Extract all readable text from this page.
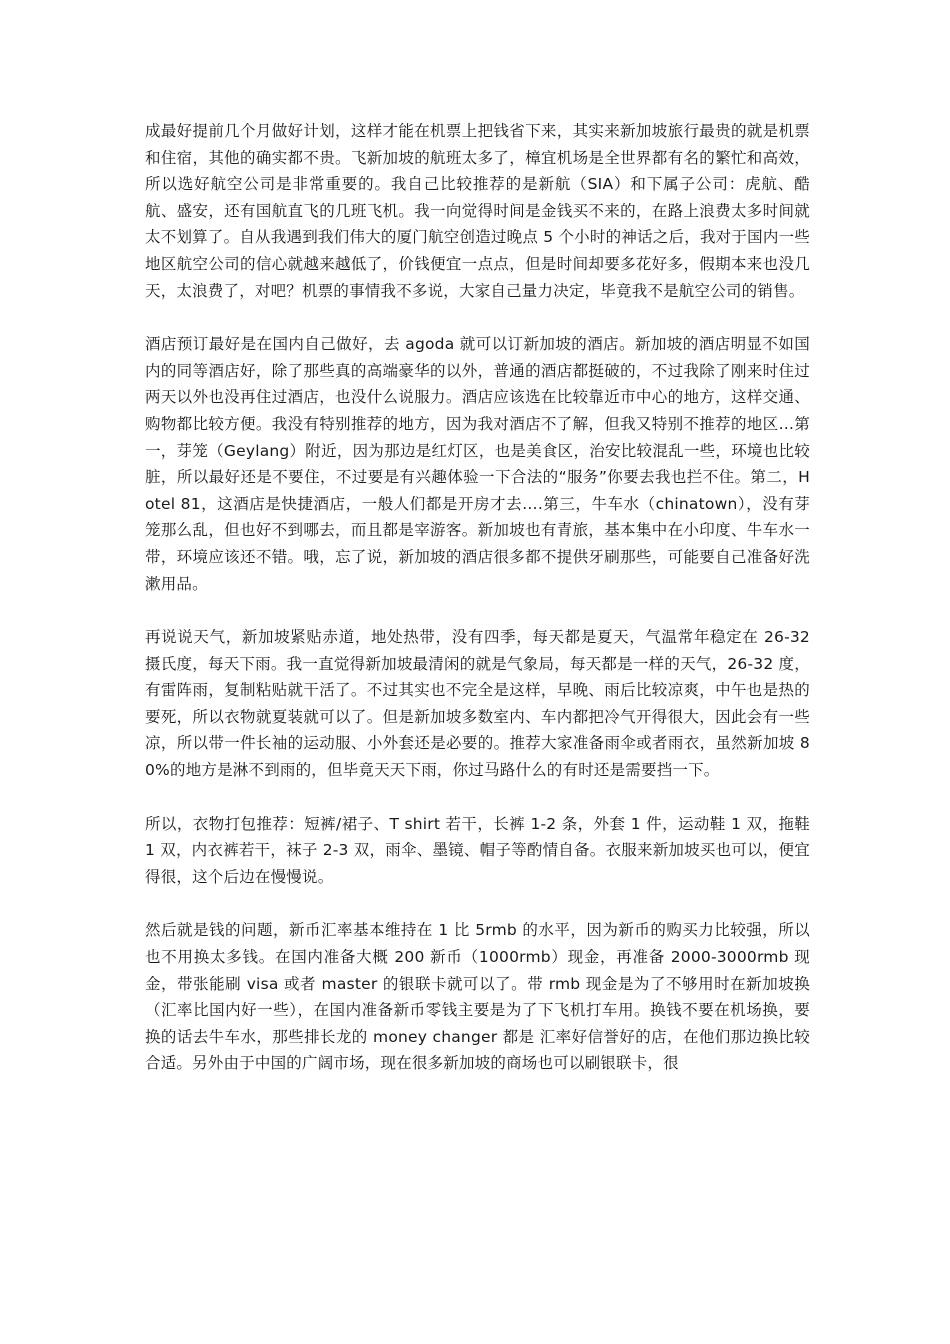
成最好提前几个月做好计划，这样才能在机票上把钱省下来，其实来新加坡旅行最贵的就是机票和住宿，其他的确实都不贵。飞新加坡的航班太多了，樟宜机场是全世界都有名的繁忙和高效，所以选好航空公司是非常重要的。我自己比较推荐的是新航（SIA）和下属子公司：虎航、酷航、盛安，还有国航直飞的几班飞机。我一向觉得时间是金钱买不来的，在路上浪费太多时间就太不划算了。自从我遇到我们伟大的厦门航空创造过晚点 5 个小时的神话之后，我对于国内一些地区航空公司的信心就越来越低了，价钱便宜一点点，但是时间却要多花好多，假期本来也没几天，太浪费了，对吧？机票的事情我不多说，大家自己量力决定，毕竟我不是航空公司的销售。

酒店预订最好是在国内自己做好，去 agoda 就可以订新加坡的酒店。新加坡的酒店明显不如国内的同等酒店好，除了那些真的高端豪华的以外，普通的酒店都挺破的，不过我除了刚来时住过两天以外也没再住过酒店，也没什么说服力。酒店应该选在比较靠近市中心的地方，这样交通、购物都比较方便。我没有特别推荐的地方，因为我对酒店不了解，但我又特别不推荐的地区…第一，芽笼（Geylang）附近，因为那边是红灯区，也是美食区，治安比较混乱一些，环境也比较脏，所以最好还是不要住，不过要是有兴趣体验一下合法的“服务”你要去我也拦不住。第二，Hotel 81，这酒店是快捷酒店，一般人们都是开房才去….第三，牛车水（chinatown），没有芽笼那么乱，但也好不到哪去，而且都是宰游客。新加坡也有青旅，基本集中在小印度、牛车水一带，环境应该还不错。哦，忘了说，新加坡的酒店很多都不提供牙刷那些，可能要自己准备好洗漱用品。

再说说天气，新加坡紧贴赤道，地处热带，没有四季，每天都是夏天，气温常年稳定在 26-32 摄氏度，每天下雨。我一直觉得新加坡最清闲的就是气象局，每天都是一样的天气，26-32 度，有雷阵雨，复制粘贴就干活了。不过其实也不完全是这样，早晚、雨后比较凉爽，中午也是热的要死，所以衣物就夏装就可以了。但是新加坡多数室内、车内都把冷气开得很大，因此会有一些凉，所以带一件长袖的运动服、小外套还是必要的。推荐大家准备雨伞或者雨衣，虽然新加坡 80%的地方是淋不到雨的，但毕竟天天下雨，你过马路什么的有时还是需要挡一下。

所以，衣物打包推荐：短裤/裙子、T shirt 若干，长裤 1-2 条，外套 1 件，运动鞋 1 双，拖鞋 1 双，内衣裤若干，袜子 2-3 双，雨伞、墨镜、帽子等酌情自备。衣服来新加坡买也可以，便宜得很，这个后边在慢慢说。

然后就是钱的问题，新币汇率基本维持在 1 比 5rmb 的水平，因为新币的购买力比较强，所以也不用换太多钱。在国内准备大概 200 新币（1000rmb）现金，再准备 2000-3000rmb 现金，带张能刷 visa 或者 master 的银联卡就可以了。带 rmb 现金是为了不够用时在新加坡换（汇率比国内好一些），在国内准备新币零钱主要是为了下飞机打车用。换钱不要在机场换，要换的话去牛车水，那些排长龙的 money changer 都是 汇率好信誉好的店，在他们那边换比较合适。另外由于中国的广阔市场，现在很多新加坡的商场也可以刷银联卡，很
